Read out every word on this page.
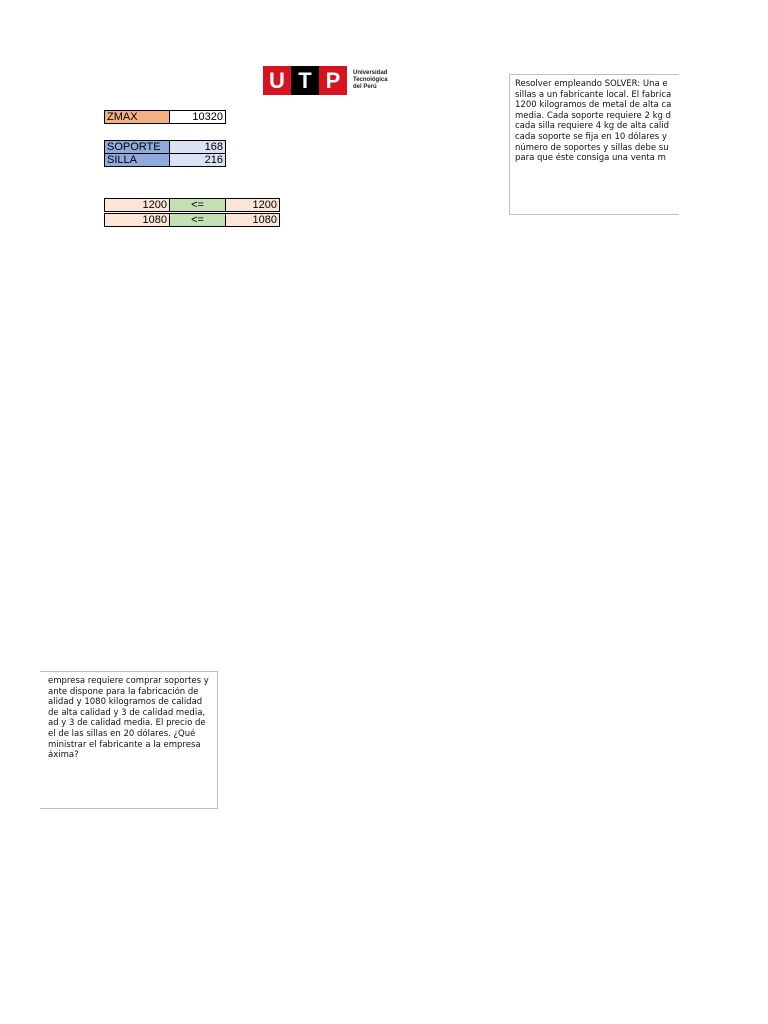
U T P	Universidad
Tecnológica
del Perú
ZMAX	10320
SOPORTE	168
SILLA	216
1200	<=	1200
1080	<=	1080
Resolver empleando SOLVER: Una e
sillas a un fabricante local. El fabrica
1200 kilogramos de metal de alta ca
media. Cada soporte requiere 2 kg d
cada silla requiere 4 kg de alta calid
cada soporte se fija en 10 dólares y
número de soportes y sillas debe su
para que éste consiga una venta m
empresa requiere comprar soportes y
ante dispone para la fabricación de
alidad y 1080 kilogramos de calidad
de alta calidad y 3 de calidad media,
ad y 3 de calidad media. El precio de
el de las sillas en 20 dólares. ¿Qué
ministrar el fabricante a la empresa
áxima?
